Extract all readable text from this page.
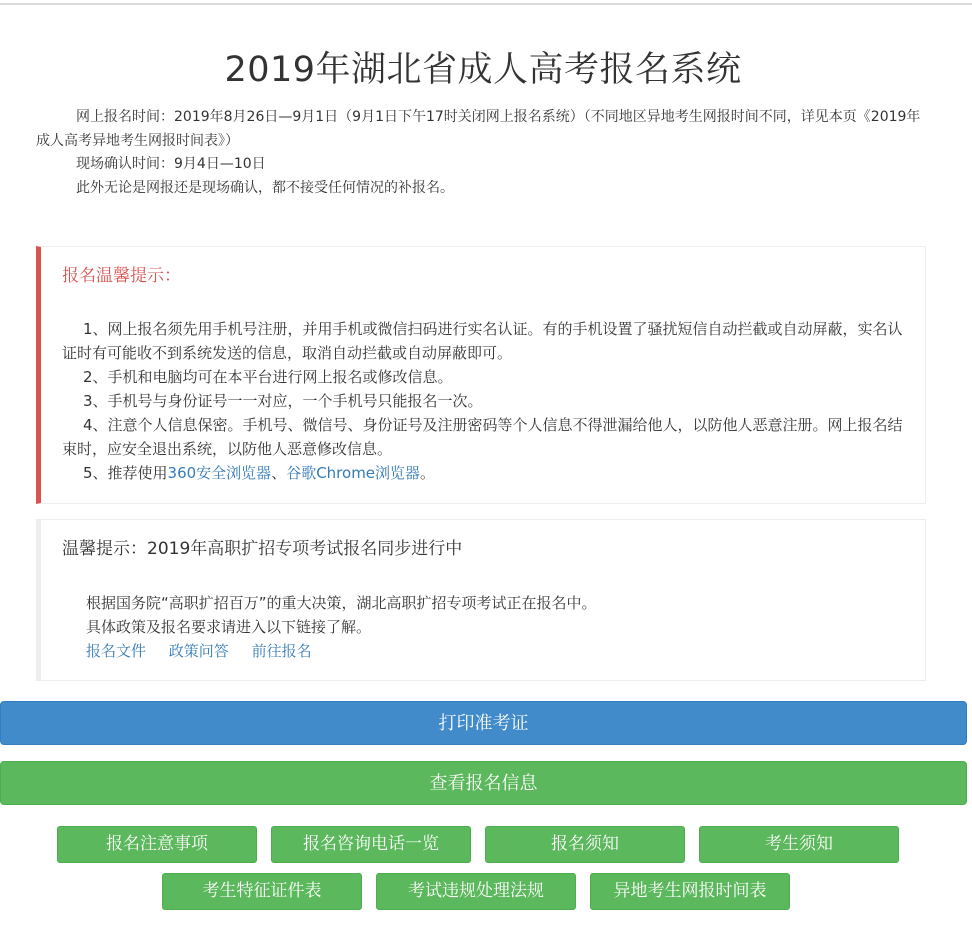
2019年湖北省成人高考报名系统

网上报名时间：2019年8月26日—9月1日（9月1日下午17时关闭网上报名系统）（不同地区异地考生网报时间不同，详见本页《2019年成人高考异地考生网报时间表》）

现场确认时间：9月4日—10日

此外无论是网报还是现场确认，都不接受任何情况的补报名。

报名温馨提示：

1、网上报名须先用手机号注册，并用手机或微信扫码进行实名认证。有的手机设置了骚扰短信自动拦截或自动屏蔽，实名认证时有可能收不到系统发送的信息，取消自动拦截或自动屏蔽即可。

2、手机和电脑均可在本平台进行网上报名或修改信息。

3、手机号与身份证号一一对应，一个手机号只能报名一次。

4、注意个人信息保密。手机号、微信号、身份证号及注册密码等个人信息不得泄漏给他人，以防他人恶意注册。网上报名结束时，应安全退出系统，以防他人恶意修改信息。

5、推荐使用360安全浏览器、谷歌Chrome浏览器。

温馨提示：2019年高职扩招专项考试报名同步进行中

根据国务院“高职扩招百万”的重大决策，湖北高职扩招专项考试正在报名中。

具体政策及报名要求请进入以下链接了解。

报名文件 政策问答 前往报名

打印准考证
查看报名信息
报名注意事项	报名咨询电话一览	报名须知	考生须知
考生特征证件表	考试违规处理法规	异地考生网报时间表
